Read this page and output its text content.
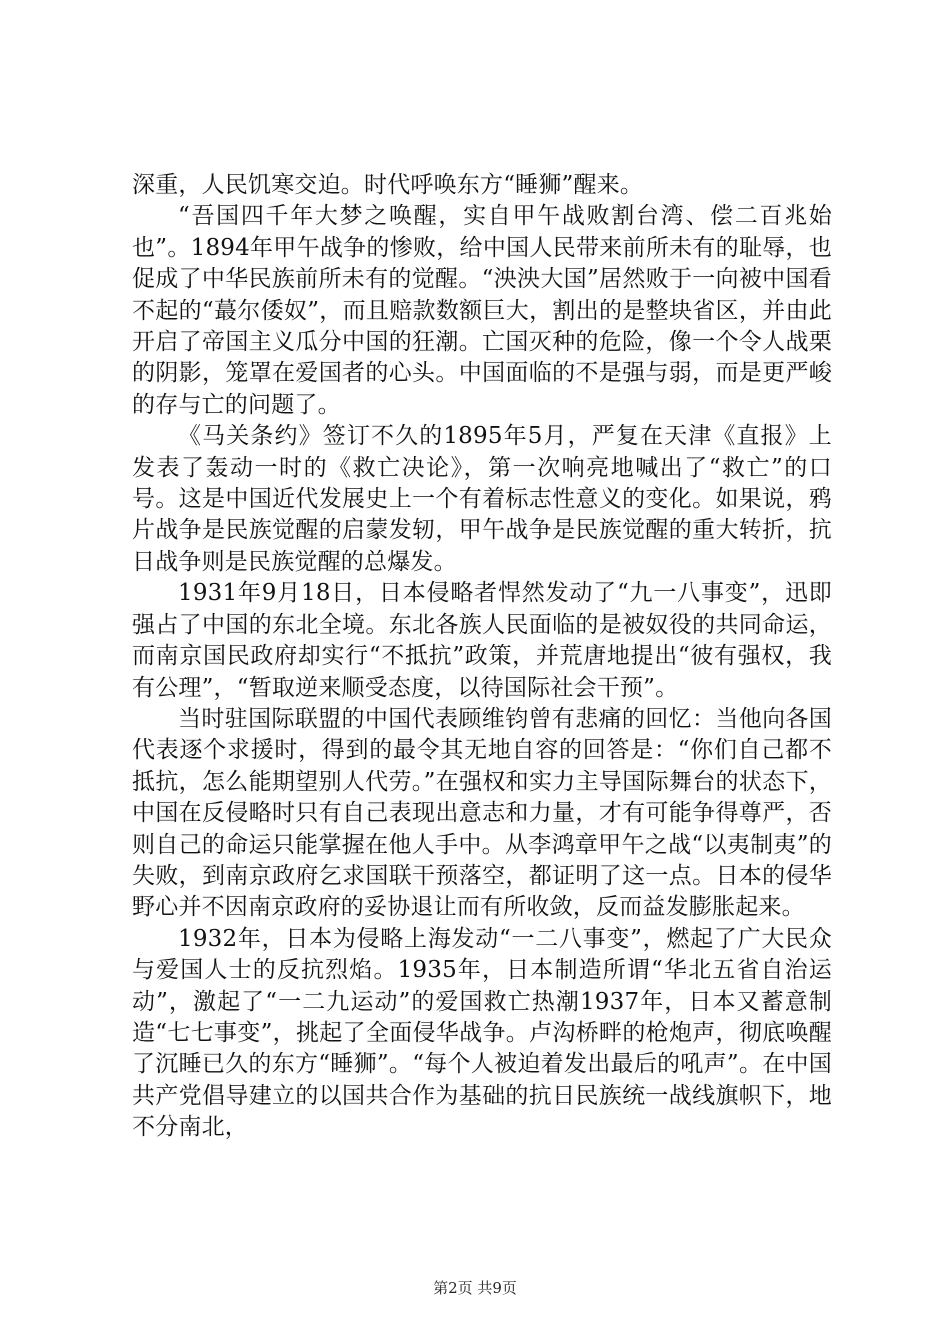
深重，人民饥寒交迫。时代呼唤东方“睡狮”醒来。

“吾国四千年大梦之唤醒，实自甲午战败割台湾、偿二百兆始也”。1894年甲午战争的惨败，给中国人民带来前所未有的耻辱，也促成了中华民族前所未有的觉醒。“泱泱大国”居然败于一向被中国看不起的“蕞尔倭奴”，而且赔款数额巨大，割出的是整块省区，并由此开启了帝国主义瓜分中国的狂潮。亡国灭种的危险，像一个令人战栗的阴影，笼罩在爱国者的心头。中国面临的不是强与弱，而是更严峻的存与亡的问题了。

《马关条约》签订不久的1895年5月，严复在天津《直报》上发表了轰动一时的《救亡决论》，第一次响亮地喊出了“救亡”的口号。这是中国近代发展史上一个有着标志性意义的变化。如果说，鸦片战争是民族觉醒的启蒙发轫，甲午战争是民族觉醒的重大转折，抗日战争则是民族觉醒的总爆发。

1931年9月18日，日本侵略者悍然发动了“九一八事变”，迅即强占了中国的东北全境。东北各族人民面临的是被奴役的共同命运，而南京国民政府却实行“不抵抗”政策，并荒唐地提出“彼有强权，我有公理”，“暂取逆来顺受态度，以待国际社会干预”。

当时驻国际联盟的中国代表顾维钧曾有悲痛的回忆：当他向各国代表逐个求援时，得到的最令其无地自容的回答是：“你们自己都不抵抗，怎么能期望别人代劳。”在强权和实力主导国际舞台的状态下，中国在反侵略时只有自己表现出意志和力量，才有可能争得尊严，否则自己的命运只能掌握在他人手中。从李鸿章甲午之战“以夷制夷”的失败，到南京政府乞求国联干预落空，都证明了这一点。日本的侵华野心并不因南京政府的妥协退让而有所收敛，反而益发膨胀起来。

1932年，日本为侵略上海发动“一二八事变”，燃起了广大民众与爱国人士的反抗烈焰。1935年，日本制造所谓“华北五省自治运动”，激起了“一二九运动”的爱国救亡热潮1937年，日本又蓄意制造“七七事变”，挑起了全面侵华战争。卢沟桥畔的枪炮声，彻底唤醒了沉睡已久的东方“睡狮”。“每个人被迫着发出最后的吼声”。在中国共产党倡导建立的以国共合作为基础的抗日民族统一战线旗帜下，地不分南北，

第2页 共9页
